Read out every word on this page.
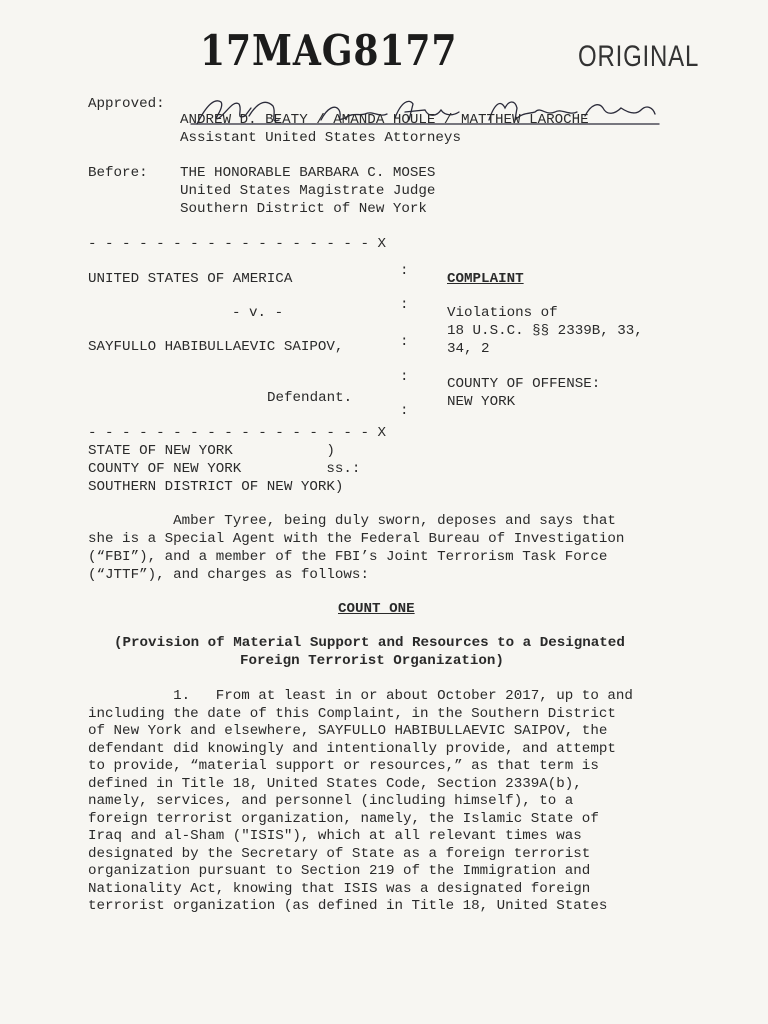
17MAG8177	ORIGINAL
Approved:

ANDREW D. BEATY / AMANDA HOULE / MATTHEW LAROCHE
Assistant United States Attorneys
Before: THE HONORABLE BARBARA C. MOSES
United States Magistrate Judge
Southern District of New York
- - - - - - - - - - - - - - - - - X
:
:
:
:
:
UNITED STATES OF AMERICA
- v. -
SAYFULLO HABIBULLAEVIC SAIPOV,
Defendant.
COMPLAINT
Violations of
18 U.S.C. §§ 2339B, 33,
34, 2
COUNTY OF OFFENSE:
NEW YORK
- - - - - - - - - - - - - - - - - X
STATE OF NEW YORK           )
COUNTY OF NEW YORK          ss.:
SOUTHERN DISTRICT OF NEW YORK)
Amber Tyree, being duly sworn, deposes and says that
she is a Special Agent with the Federal Bureau of Investigation
(“FBI”), and a member of the FBI’s Joint Terrorism Task Force
(“JTTF”), and charges as follows:
COUNT ONE
(Provision of Material Support and Resources to a Designated
Foreign Terrorist Organization)
1.   From at least in or about October 2017, up to and
including the date of this Complaint, in the Southern District
of New York and elsewhere, SAYFULLO HABIBULLAEVIC SAIPOV, the
defendant did knowingly and intentionally provide, and attempt
to provide, “material support or resources,” as that term is
defined in Title 18, United States Code, Section 2339A(b),
namely, services, and personnel (including himself), to a
foreign terrorist organization, namely, the Islamic State of
Iraq and al-Sham ("ISIS"), which at all relevant times was
designated by the Secretary of State as a foreign terrorist
organization pursuant to Section 219 of the Immigration and
Nationality Act, knowing that ISIS was a designated foreign
terrorist organization (as defined in Title 18, United States
